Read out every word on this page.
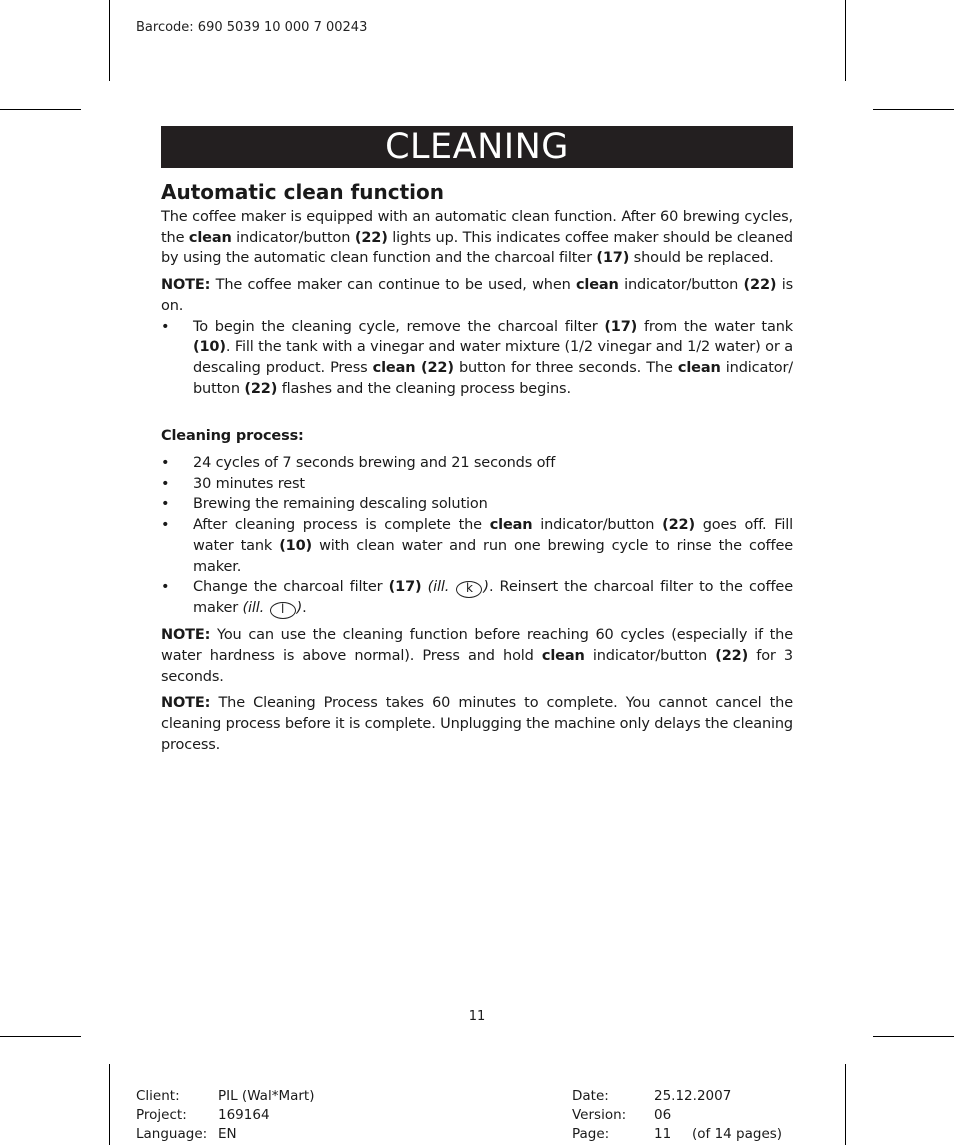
Barcode: 690 5039 10 000 7 00243
CLEANING
Automatic clean function

The coffee maker is equipped with an automatic clean function. After 60 brewing cycles, the clean indicator/button (22) lights up. This indicates coffee maker should be cleaned by using the automatic clean function and the charcoal filter (17) should be replaced.

NOTE: The coffee maker can continue to be used, when clean indicator/button (22) is on.

• To begin the cleaning cycle, remove the charcoal filter (17) from the water tank (10). Fill the tank with a vinegar and water mixture (1/2 vinegar and 1/2 water) or a descaling product. Press clean (22) button for three seconds. The clean indicator/ button (22) flashes and the cleaning process begins.

Cleaning process:

• 24 cycles of 7 seconds brewing and 21 seconds off
• 30 minutes rest
• Brewing the remaining descaling solution
• After cleaning process is complete the clean indicator/button (22) goes off. Fill water tank (10) with clean water and run one brewing cycle to rinse the coffee maker.
• Change the charcoal filter (17) (ill. k ). Reinsert the charcoal filter to the coffee maker (ill. l ).

NOTE: You can use the cleaning function before reaching 60 cycles (especially if the water hardness is above normal). Press and hold clean indicator/button (22) for 3 seconds.

NOTE: The Cleaning Process takes 60 minutes to complete. You cannot cancel the cleaning process before it is complete. Unplugging the machine only delays the cleaning process.

11
Client:	PIL (Wal*Mart)
Project:	169164
Language: EN
Date:	25.12.2007
Version:	06
Page:	11	(of 14 pages)
